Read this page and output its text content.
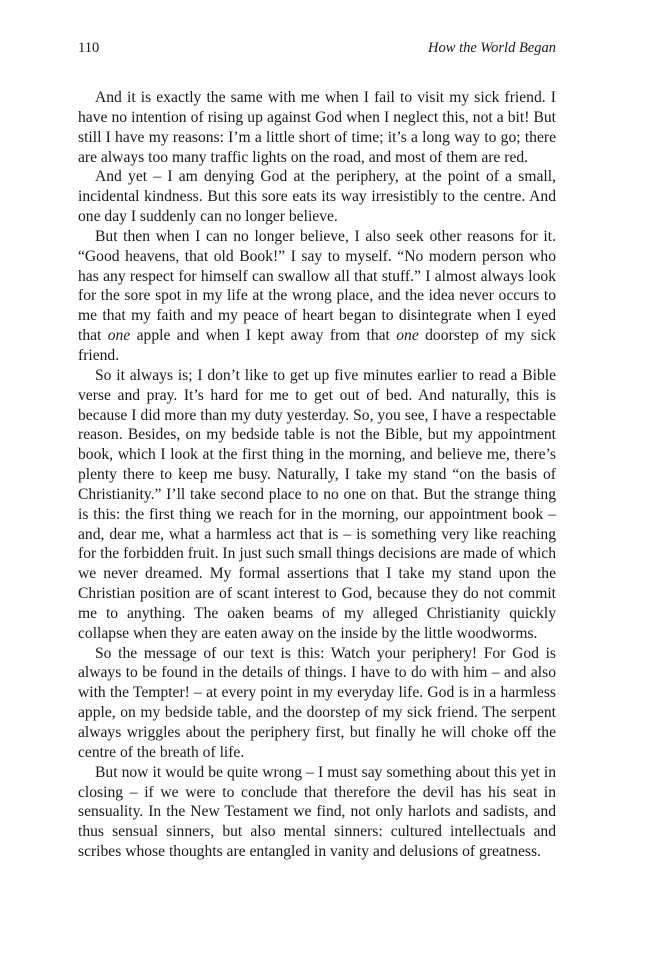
110	How the World Began

And it is exactly the same with me when I fail to visit my sick friend. I have no intention of rising up against God when I neglect this, not a bit! But still I have my reasons: I’m a little short of time; it’s a long way to go; there are always too many traffic lights on the road, and most of them are red.

And yet – I am denying God at the periphery, at the point of a small, incidental kindness. But this sore eats its way irresistibly to the centre. And one day I suddenly can no longer believe.

But then when I can no longer believe, I also seek other reasons for it. “Good heavens, that old Book!” I say to myself. “No modern person who has any respect for himself can swallow all that stuff.” I almost always look for the sore spot in my life at the wrong place, and the idea never occurs to me that my faith and my peace of heart began to disintegrate when I eyed that one apple and when I kept away from that one doorstep of my sick friend.

So it always is; I don’t like to get up five minutes earlier to read a Bible verse and pray. It’s hard for me to get out of bed. And naturally, this is because I did more than my duty yesterday. So, you see, I have a respectable reason. Besides, on my bedside table is not the Bible, but my appointment book, which I look at the first thing in the morning, and believe me, there’s plenty there to keep me busy. Naturally, I take my stand “on the basis of Christianity.” I’ll take second place to no one on that. But the strange thing is this: the first thing we reach for in the morning, our appointment book – and, dear me, what a harmless act that is – is something very like reaching for the forbidden fruit. In just such small things decisions are made of which we never dreamed. My formal assertions that I take my stand upon the Christian position are of scant interest to God, because they do not commit me to anything. The oaken beams of my alleged Christianity quickly collapse when they are eaten away on the inside by the little woodworms.

So the message of our text is this: Watch your periphery! For God is always to be found in the details of things. I have to do with him – and also with the Tempter! – at every point in my everyday life. God is in a harmless apple, on my bedside table, and the doorstep of my sick friend. The serpent always wriggles about the periphery first, but finally he will choke off the centre of the breath of life.

But now it would be quite wrong – I must say something about this yet in closing – if we were to conclude that therefore the devil has his seat in sensuality. In the New Testament we find, not only harlots and sadists, and thus sensual sinners, but also mental sinners: cultured intellectuals and scribes whose thoughts are entangled in vanity and delusions of greatness.
